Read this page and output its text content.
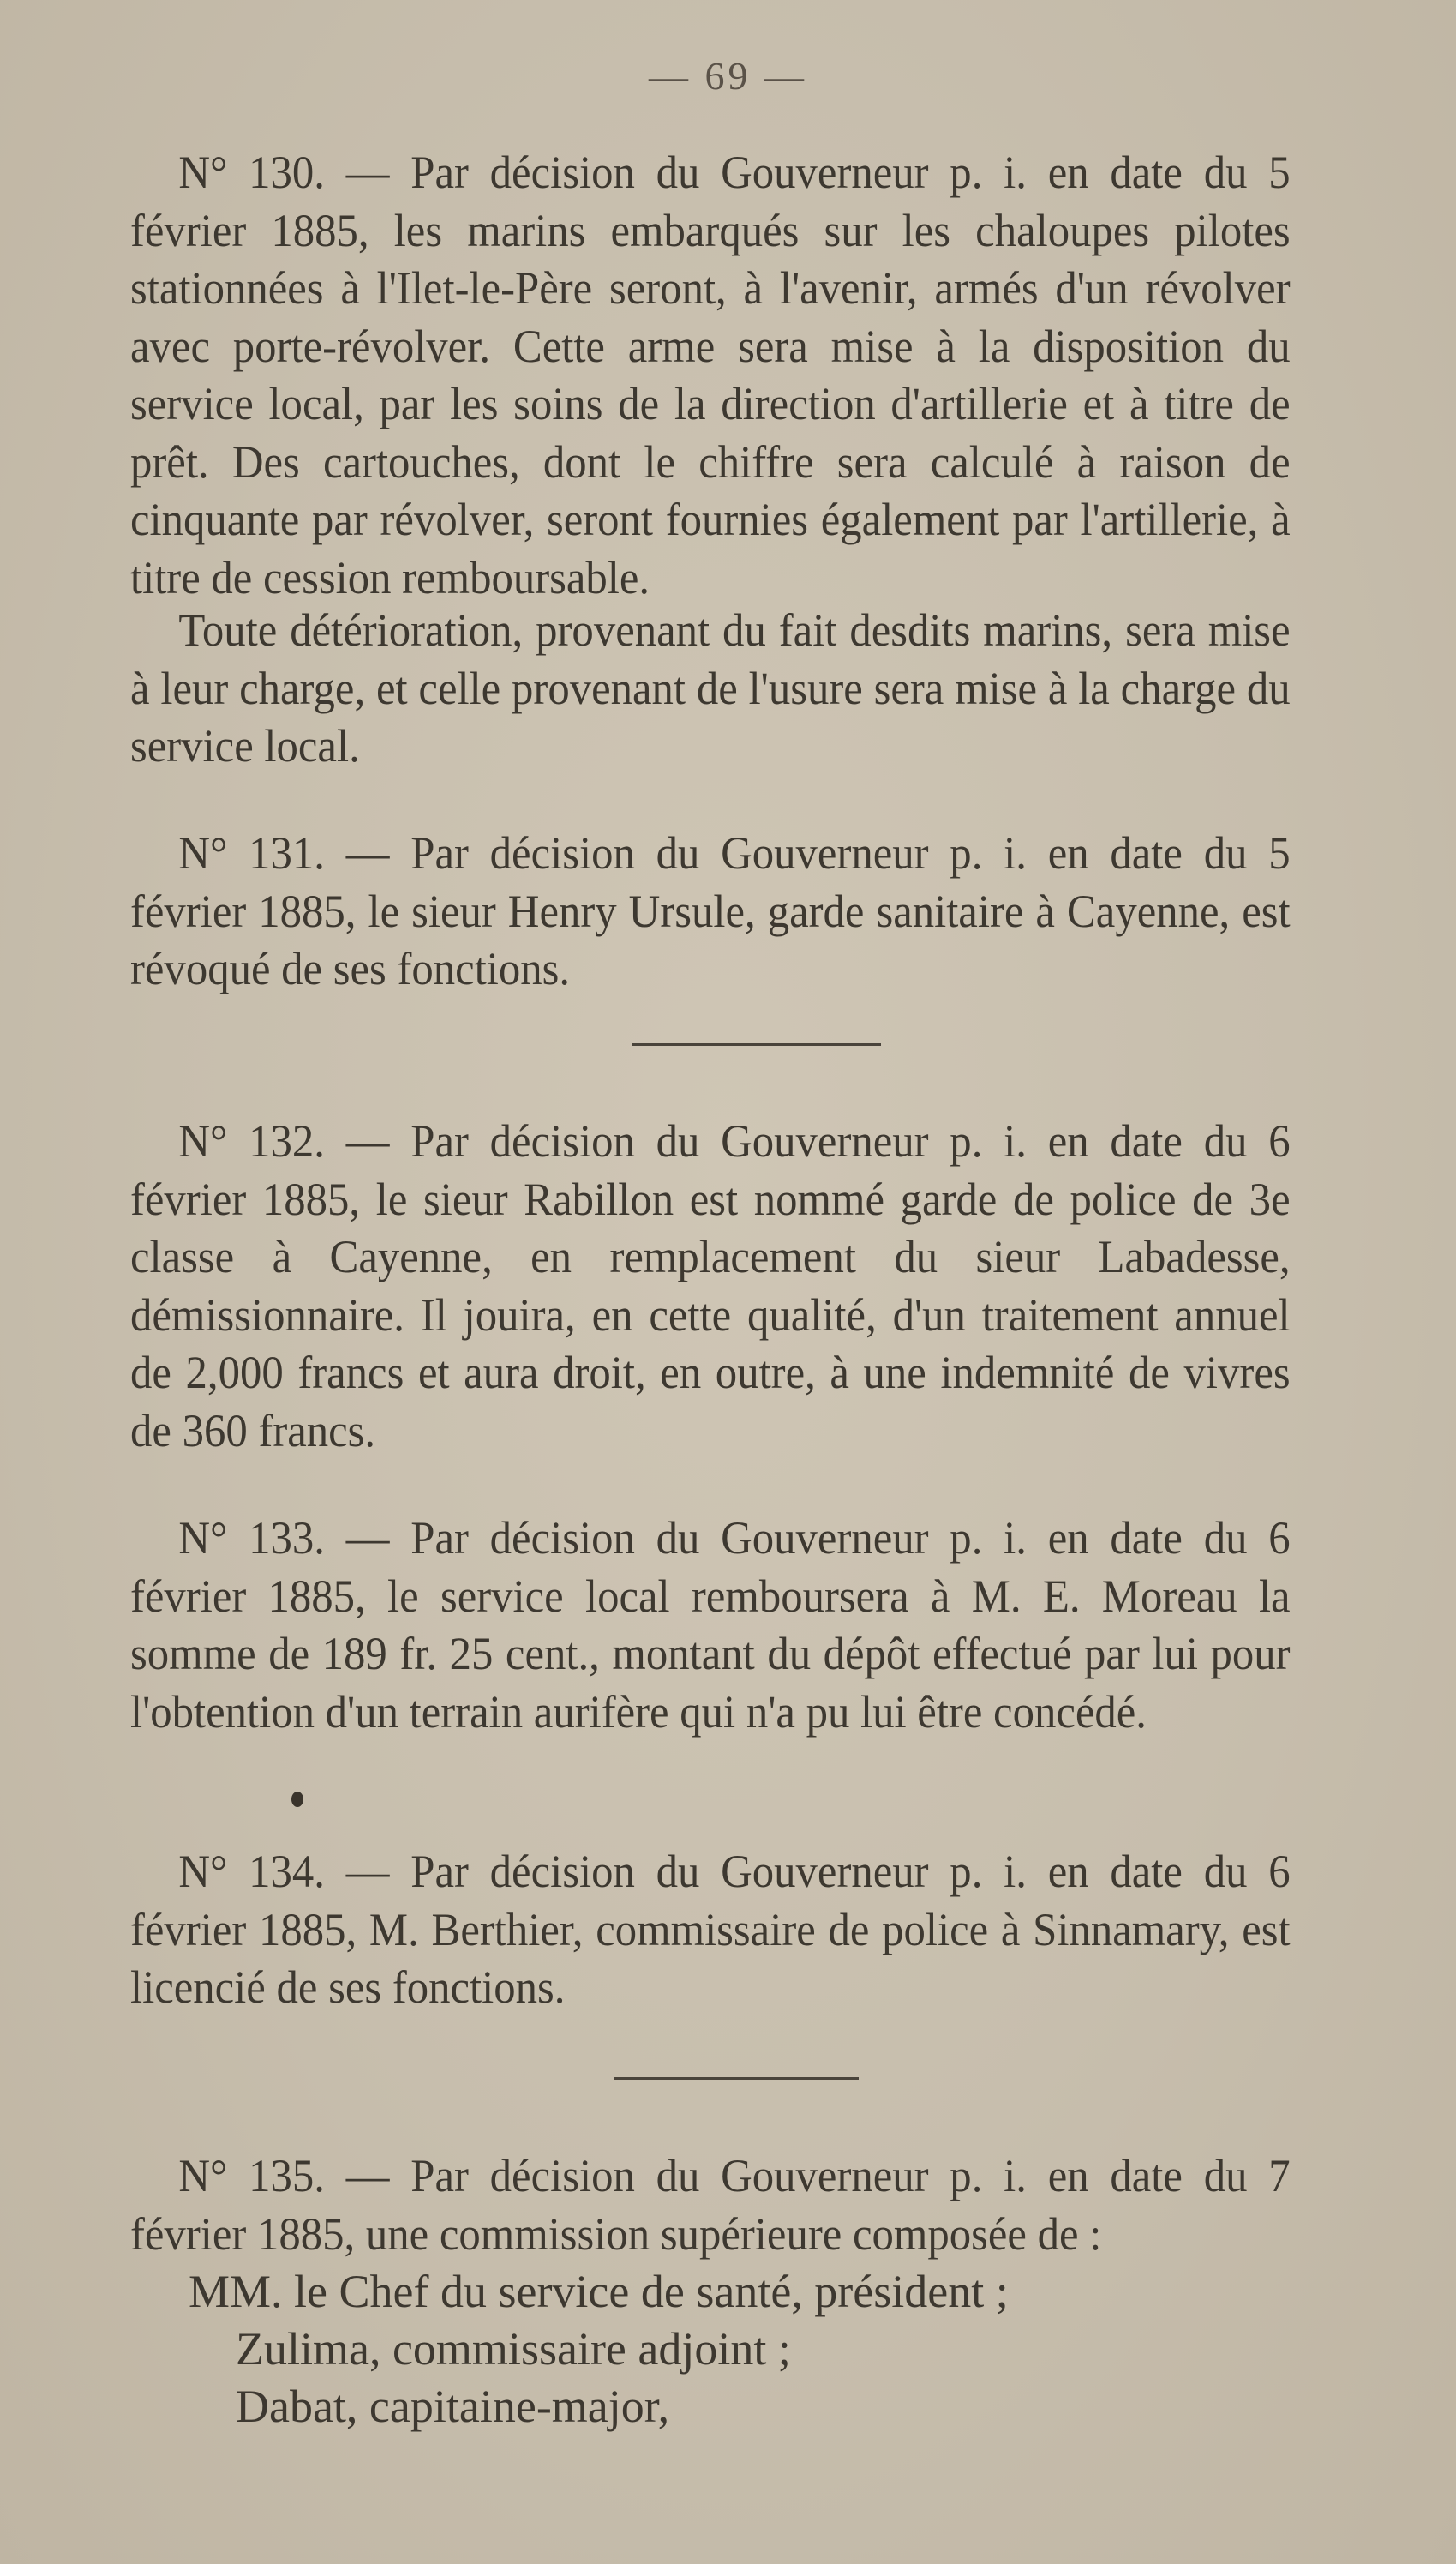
— 69 —

N° 130. — Par décision du Gouverneur p. i. en date du 5 février 1885, les marins embarqués sur les chaloupes pilotes stationnées à l'Ilet-le-Père seront, à l'avenir, armés d'un révolver avec porte-révolver. Cette arme sera mise à la disposition du service local, par les soins de la direction d'artillerie et à titre de prêt. Des cartouches, dont le chiffre sera calculé à raison de cinquante par révolver, seront fournies également par l'artillerie, à titre de cession remboursable.

Toute détérioration, provenant du fait desdits marins, sera mise à leur charge, et celle provenant de l'usure sera mise à la charge du service local.

N° 131. — Par décision du Gouverneur p. i. en date du 5 février 1885, le sieur Henry Ursule, garde sanitaire à Cayenne, est révoqué de ses fonctions.

N° 132. — Par décision du Gouverneur p. i. en date du 6 février 1885, le sieur Rabillon est nommé garde de police de 3e classe à Cayenne, en remplacement du sieur Labadesse, démissionnaire. Il jouira, en cette qualité, d'un traitement annuel de 2,000 francs et aura droit, en outre, à une indemnité de vivres de 360 francs.

N° 133. — Par décision du Gouverneur p. i. en date du 6 février 1885, le service local remboursera à M. E. Moreau la somme de 189 fr. 25 cent., montant du dépôt effectué par lui pour l'obtention d'un terrain aurifère qui n'a pu lui être concédé.

N° 134. — Par décision du Gouverneur p. i. en date du 6 février 1885, M. Berthier, commissaire de police à Sinnamary, est licencié de ses fonctions.

N° 135. — Par décision du Gouverneur p. i. en date du 7 février 1885, une commission supérieure composée de :

MM. le Chef du service de santé, président ;

Zulima, commissaire adjoint ;

Dabat, capitaine-major,
